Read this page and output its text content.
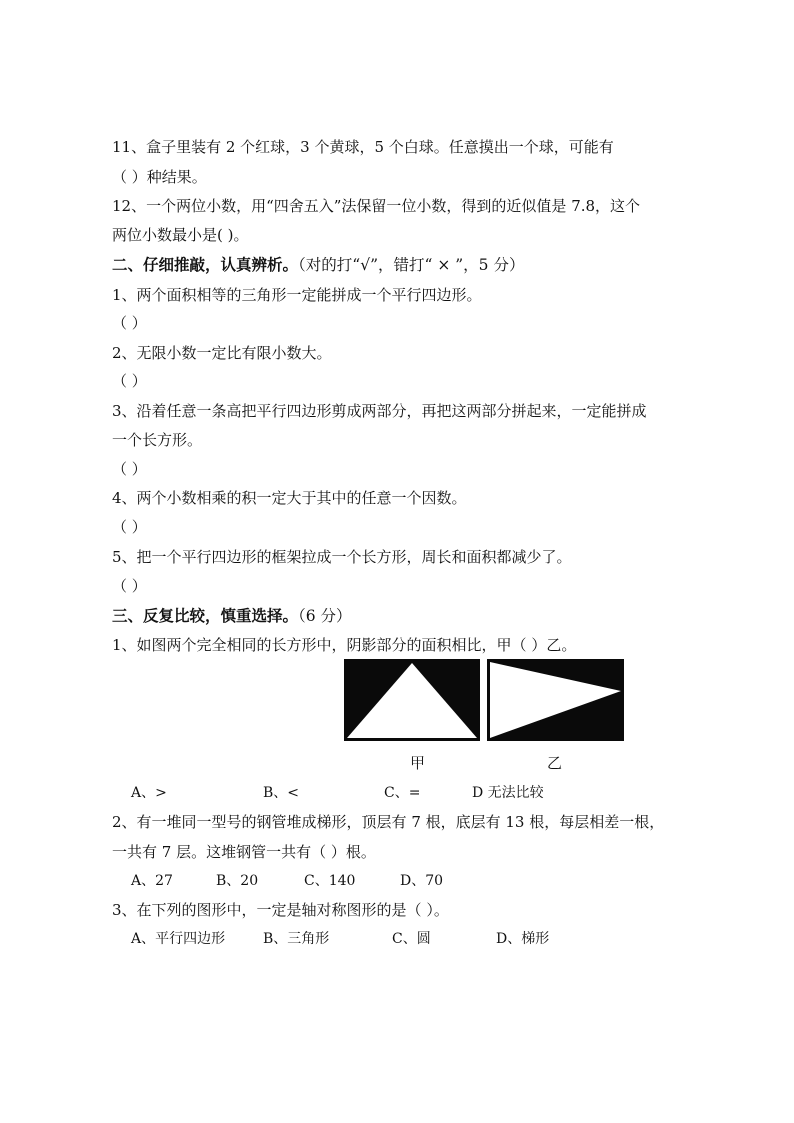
11、盒子里装有 2 个红球，3 个黄球，5 个白球。任意摸出一个球，可能有
（ ）种结果。
12、一个两位小数，用“四舍五入”法保留一位小数，得到的近似值是 7.8，这个
两位小数最小是( )。
二、仔细推敲，认真辨析。（对的打“√”，错打“ × ”，5 分）
1、两个面积相等的三角形一定能拼成一个平行四边形。
（ ）
2、无限小数一定比有限小数大。
（ ）
3、沿着任意一条高把平行四边形剪成两部分，再把这两部分拼起来，一定能拼成
一个长方形。
（ ）
4、两个小数相乘的积一定大于其中的任意一个因数。
（ ）
5、把一个平行四边形的框架拉成一个长方形，周长和面积都减少了。
（ ）
三、反复比较，慎重选择。（6 分）
1、如图两个完全相同的长方形中，阴影部分的面积相比，甲（ ）乙。
甲	乙
A、>	B、<	C、=	D 无法比较
2、有一堆同一型号的钢管堆成梯形，顶层有 7 根，底层有 13 根，每层相差一根，
一共有 7 层。这堆钢管一共有（ ）根。
A、27	B、20	C、140	D、70
3、在下列的图形中，一定是轴对称图形的是（ ）。
A、平行四边形	B、三角形	C、圆	D、梯形
